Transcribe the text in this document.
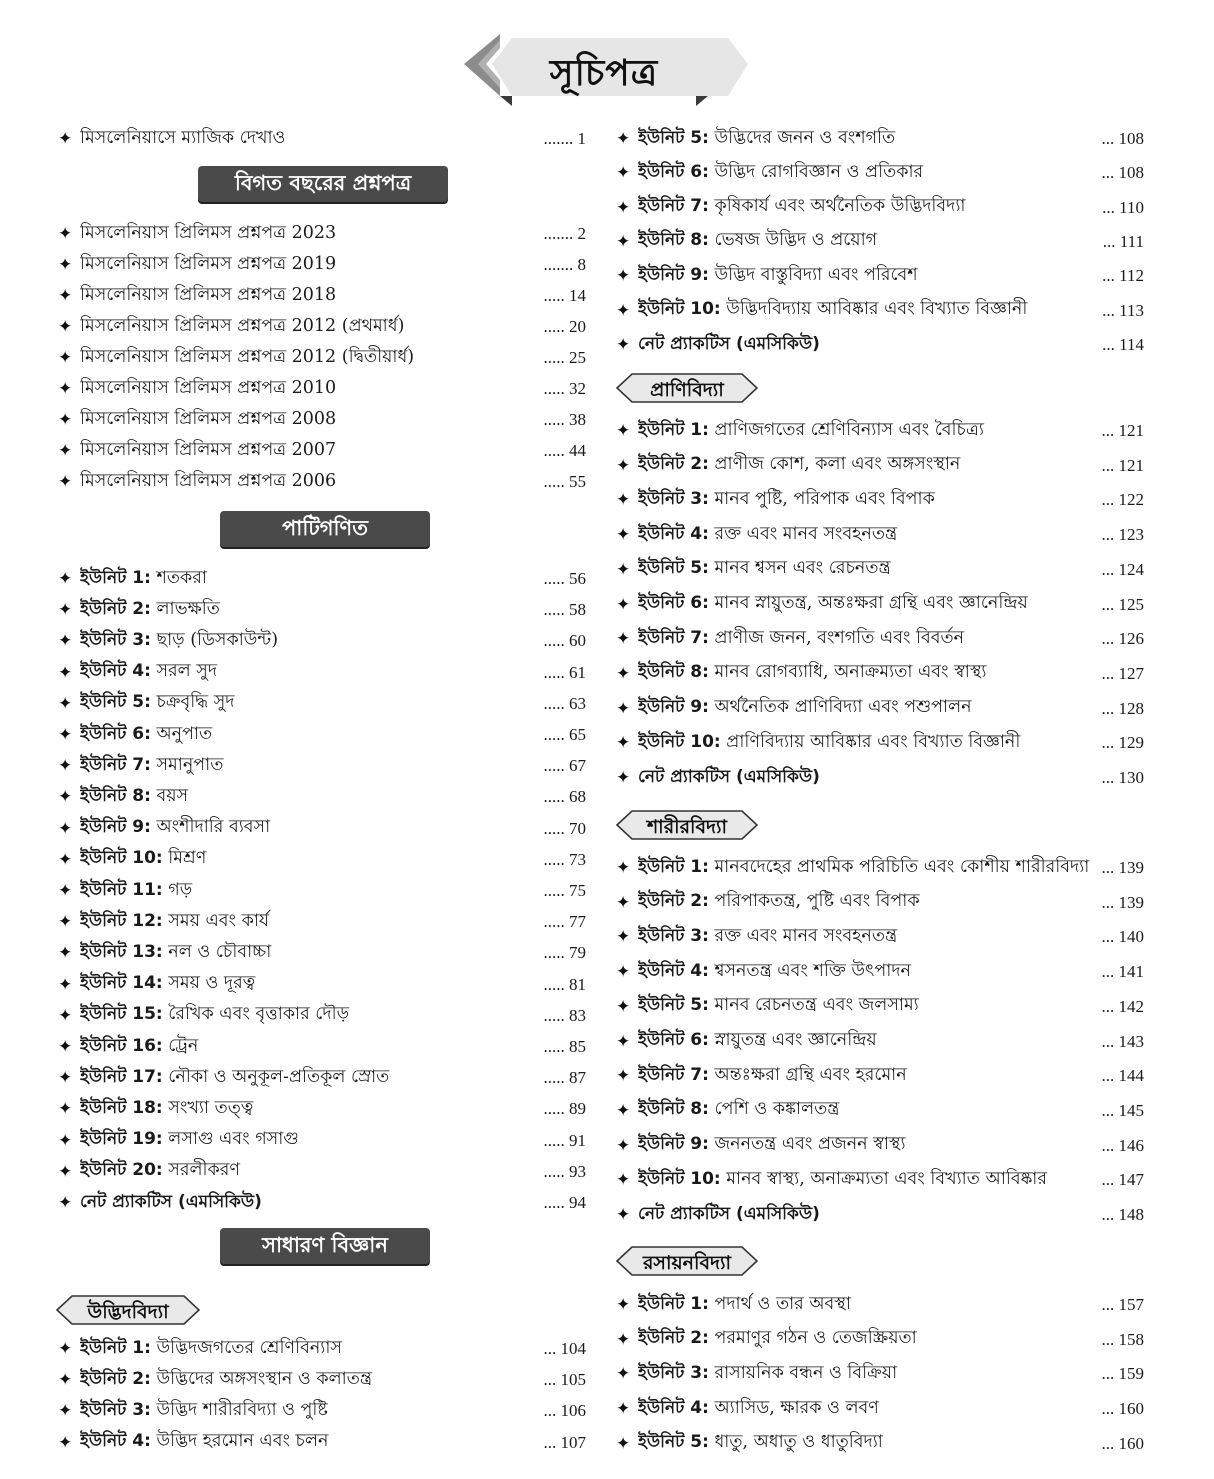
সূচিপত্র
✦ মিসলেনিয়াসে ম্যাজিক দেখাও	....... 1
বিগত বছরের প্রশ্নপত্র
✦ মিসলেনিয়াস প্রিলিমস প্রশ্নপত্র 2023	....... 2
✦ মিসলেনিয়াস প্রিলিমস প্রশ্নপত্র 2019	....... 8
✦ মিসলেনিয়াস প্রিলিমস প্রশ্নপত্র 2018	..... 14
✦ মিসলেনিয়াস প্রিলিমস প্রশ্নপত্র 2012 (প্রথমার্ধ)	..... 20
✦ মিসলেনিয়াস প্রিলিমস প্রশ্নপত্র 2012 (দ্বিতীয়ার্ধ)	..... 25
✦ মিসলেনিয়াস প্রিলিমস প্রশ্নপত্র 2010	..... 32
✦ মিসলেনিয়াস প্রিলিমস প্রশ্নপত্র 2008	..... 38
✦ মিসলেনিয়াস প্রিলিমস প্রশ্নপত্র 2007	..... 44
✦ মিসলেনিয়াস প্রিলিমস প্রশ্নপত্র 2006	..... 55
পাটিগণিত
✦ ইউনিট 1: শতকরা	..... 56
✦ ইউনিট 2: লাভক্ষতি	..... 58
✦ ইউনিট 3: ছাড় (ডিসকাউন্ট)	..... 60
✦ ইউনিট 4: সরল সুদ	..... 61
✦ ইউনিট 5: চক্রবৃদ্ধি সুদ	..... 63
✦ ইউনিট 6: অনুপাত	..... 65
✦ ইউনিট 7: সমানুপাত	..... 67
✦ ইউনিট 8: বয়স	..... 68
✦ ইউনিট 9: অংশীদারি ব্যবসা	..... 70
✦ ইউনিট 10: মিশ্রণ	..... 73
✦ ইউনিট 11: গড়	..... 75
✦ ইউনিট 12: সময় এবং কার্য	..... 77
✦ ইউনিট 13: নল ও চৌবাচ্চা	..... 79
✦ ইউনিট 14: সময় ও দূরত্ব	..... 81
✦ ইউনিট 15: রৈখিক এবং বৃত্তাকার দৌড়	..... 83
✦ ইউনিট 16: ট্রেন	..... 85
✦ ইউনিট 17: নৌকা ও অনুকূল-প্রতিকূল স্রোত	..... 87
✦ ইউনিট 18: সংখ্যা তত্ত্ব	..... 89
✦ ইউনিট 19: লসাগু এবং গসাগু	..... 91
✦ ইউনিট 20: সরলীকরণ	..... 93
✦ নেট প্র্যাকটিস (এমসিকিউ)	..... 94
সাধারণ বিজ্ঞান
উদ্ভিদবিদ্যা
✦ ইউনিট 1: উদ্ভিদজগতের শ্রেণিবিন্যাস	... 104
✦ ইউনিট 2: উদ্ভিদের অঙ্গসংস্থান ও কলাতন্ত্র	... 105
✦ ইউনিট 3: উদ্ভিদ শারীরবিদ্যা ও পুষ্টি	... 106
✦ ইউনিট 4: উদ্ভিদ হরমোন এবং চলন	... 107
✦ ইউনিট 5: উদ্ভিদের জনন ও বংশগতি	... 108
✦ ইউনিট 6: উদ্ভিদ রোগবিজ্ঞান ও প্রতিকার	... 108
✦ ইউনিট 7: কৃষিকার্য এবং অর্থনৈতিক উদ্ভিদবিদ্যা	... 110
✦ ইউনিট 8: ভেষজ উদ্ভিদ ও প্রয়োগ	... 111
✦ ইউনিট 9: উদ্ভিদ বাস্তুবিদ্যা এবং পরিবেশ	... 112
✦ ইউনিট 10: উদ্ভিদবিদ্যায় আবিষ্কার এবং বিখ্যাত বিজ্ঞানী	... 113
✦ নেট প্র্যাকটিস (এমসিকিউ)	... 114
প্রাণিবিদ্যা
✦ ইউনিট 1: প্রাণিজগতের শ্রেণিবিন্যাস এবং বৈচিত্র্য	... 121
✦ ইউনিট 2: প্রাণীজ কোশ, কলা এবং অঙ্গসংস্থান	... 121
✦ ইউনিট 3: মানব পুষ্টি, পরিপাক এবং বিপাক	... 122
✦ ইউনিট 4: রক্ত এবং মানব সংবহনতন্ত্র	... 123
✦ ইউনিট 5: মানব শ্বসন এবং রেচনতন্ত্র	... 124
✦ ইউনিট 6: মানব স্নায়ুতন্ত্র, অন্তঃক্ষরা গ্রন্থি এবং জ্ঞানেন্দ্রিয়	... 125
✦ ইউনিট 7: প্রাণীজ জনন, বংশগতি এবং বিবর্তন	... 126
✦ ইউনিট 8: মানব রোগব্যাধি, অনাক্রম্যতা এবং স্বাস্থ্য	... 127
✦ ইউনিট 9: অর্থনৈতিক প্রাণিবিদ্যা এবং পশুপালন	... 128
✦ ইউনিট 10: প্রাণিবিদ্যায় আবিষ্কার এবং বিখ্যাত বিজ্ঞানী	... 129
✦ নেট প্র্যাকটিস (এমসিকিউ)	... 130
শারীরবিদ্যা
✦ ইউনিট 1: মানবদেহের প্রাথমিক পরিচিতি এবং কোশীয় শারীরবিদ্যা ... 139
✦ ইউনিট 2: পরিপাকতন্ত্র, পুষ্টি এবং বিপাক	... 139
✦ ইউনিট 3: রক্ত এবং মানব সংবহনতন্ত্র	... 140
✦ ইউনিট 4: শ্বসনতন্ত্র এবং শক্তি উৎপাদন	... 141
✦ ইউনিট 5: মানব রেচনতন্ত্র এবং জলসাম্য	... 142
✦ ইউনিট 6: স্নায়ুতন্ত্র এবং জ্ঞানেন্দ্রিয়	... 143
✦ ইউনিট 7: অন্তঃক্ষরা গ্রন্থি এবং হরমোন	... 144
✦ ইউনিট 8: পেশি ও কঙ্কালতন্ত্র	... 145
✦ ইউনিট 9: জননতন্ত্র এবং প্রজনন স্বাস্থ্য	... 146
✦ ইউনিট 10: মানব স্বাস্থ্য, অনাক্রম্যতা এবং বিখ্যাত আবিষ্কার	... 147
✦ নেট প্র্যাকটিস (এমসিকিউ)	... 148
রসায়নবিদ্যা
✦ ইউনিট 1: পদার্থ ও তার অবস্থা	... 157
✦ ইউনিট 2: পরমাণুর গঠন ও তেজস্ক্রিয়তা	... 158
✦ ইউনিট 3: রাসায়নিক বন্ধন ও বিক্রিয়া	... 159
✦ ইউনিট 4: অ্যাসিড, ক্ষারক ও লবণ	... 160
✦ ইউনিট 5: ধাতু, অধাতু ও ধাতুবিদ্যা	... 160
